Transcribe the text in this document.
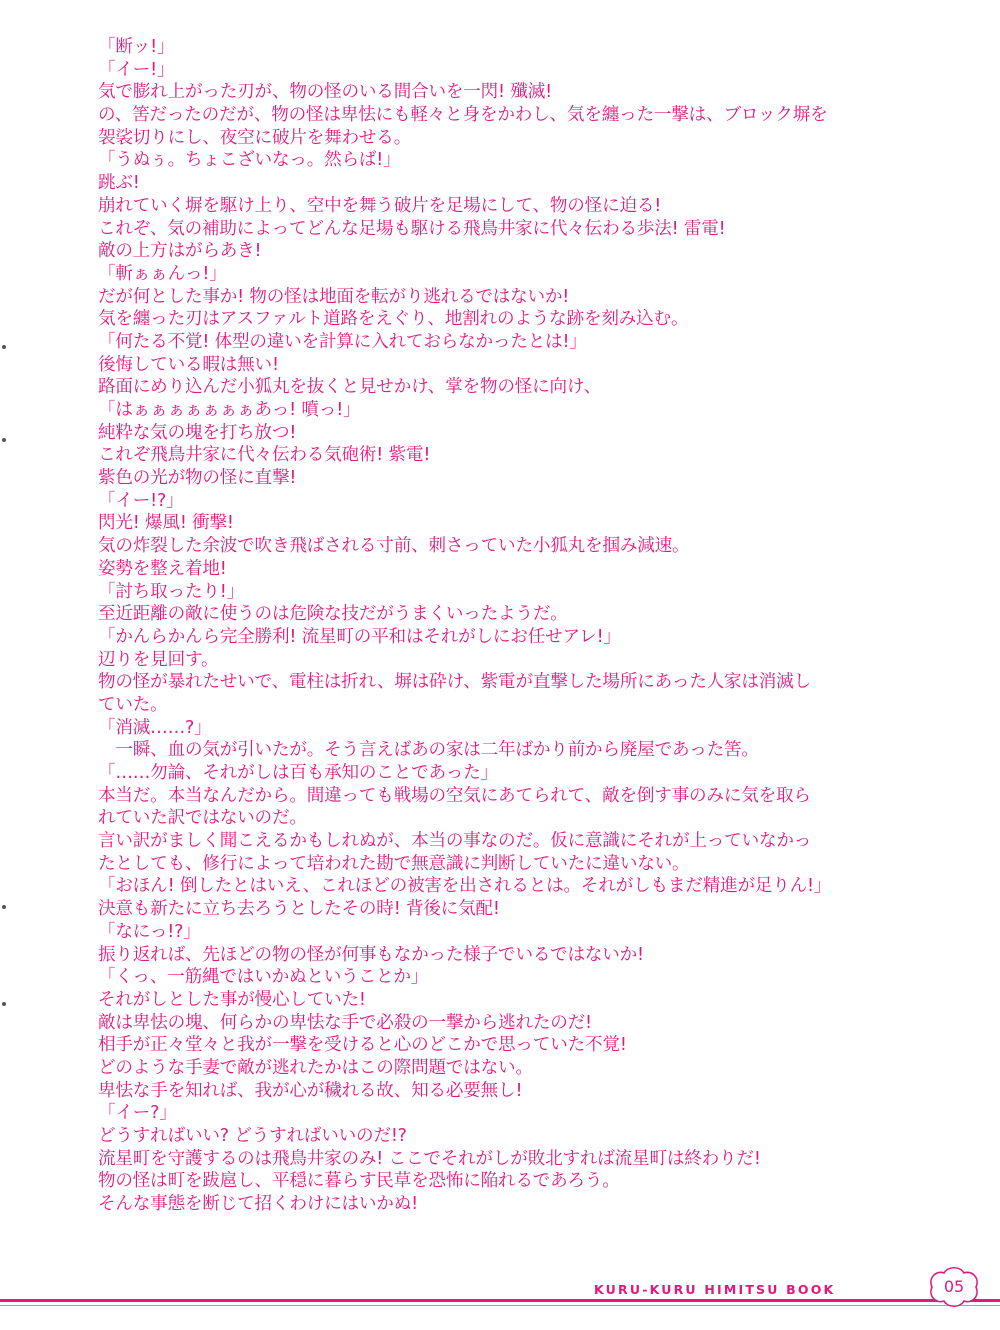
「断ッ!」
「イー!」
気で膨れ上がった刃が、物の怪のいる間合いを一閃! 殲滅!
の、筈だったのだが、物の怪は卑怯にも軽々と身をかわし、気を纏った一撃は、ブロック塀を
袈裟切りにし、夜空に破片を舞わせる。
「うぬぅ。ちょこざいなっ。然らば!」
跳ぶ!
崩れていく塀を駆け上り、空中を舞う破片を足場にして、物の怪に迫る!
これぞ、気の補助によってどんな足場も駆ける飛鳥井家に代々伝わる歩法! 雷電!
敵の上方はがらあき!
「斬ぁぁんっ!」
だが何とした事か! 物の怪は地面を転がり逃れるではないか!
気を纏った刃はアスファルト道路をえぐり、地割れのような跡を刻み込む。
「何たる不覚! 体型の違いを計算に入れておらなかったとは!」
後悔している暇は無い!
路面にめり込んだ小狐丸を抜くと見せかけ、掌を物の怪に向け、
「はぁぁぁぁぁぁぁあっ! 噴っ!」
純粋な気の塊を打ち放つ!
これぞ飛鳥井家に代々伝わる気砲術! 紫電!
紫色の光が物の怪に直撃!
「イー!?」
閃光! 爆風! 衝撃!
気の炸裂した余波で吹き飛ばされる寸前、刺さっていた小狐丸を掴み減速。
姿勢を整え着地!
「討ち取ったり!」
至近距離の敵に使うのは危険な技だがうまくいったようだ。
「かんらかんら完全勝利! 流星町の平和はそれがしにお任せアレ!」
辺りを見回す。
物の怪が暴れたせいで、電柱は折れ、塀は砕け、紫電が直撃した場所にあった人家は消滅し
ていた。
「消滅……?」
　一瞬、血の気が引いたが。そう言えばあの家は二年ばかり前から廃屋であった筈。
「……勿論、それがしは百も承知のことであった」
本当だ。本当なんだから。間違っても戦場の空気にあてられて、敵を倒す事のみに気を取ら
れていた訳ではないのだ。
言い訳がましく聞こえるかもしれぬが、本当の事なのだ。仮に意識にそれが上っていなかっ
たとしても、修行によって培われた勘で無意識に判断していたに違いない。
「おほん! 倒したとはいえ、これほどの被害を出されるとは。それがしもまだ精進が足りん!」
決意も新たに立ち去ろうとしたその時! 背後に気配!
「なにっ!?」
振り返れば、先ほどの物の怪が何事もなかった様子でいるではないか!
「くっ、一筋縄ではいかぬということか」
それがしとした事が慢心していた!
敵は卑怯の塊、何らかの卑怯な手で必殺の一撃から逃れたのだ!
相手が正々堂々と我が一撃を受けると心のどこかで思っていた不覚!
どのような手妻で敵が逃れたかはこの際問題ではない。
卑怯な手を知れば、我が心が穢れる故、知る必要無し!
「イー?」
どうすればいい? どうすればいいのだ!?
流星町を守護するのは飛鳥井家のみ! ここでそれがしが敗北すれば流星町は終わりだ!
物の怪は町を跋扈し、平穏に暮らす民草を恐怖に陥れるであろう。
そんな事態を断じて招くわけにはいかぬ!
KURU-KURU HIMITSU BOOK	05
